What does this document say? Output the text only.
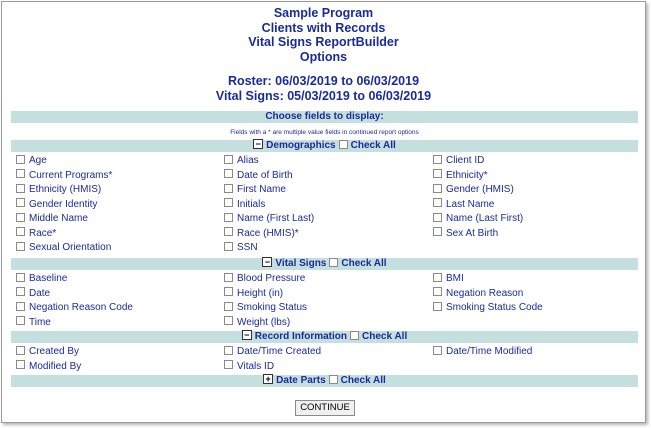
Sample Program
Clients with Records
Vital Signs ReportBuilder
Options
Roster: 06/03/2019 to 06/03/2019
Vital Signs: 05/03/2019 to 06/03/2019
Choose fields to display:
Fields with a * are multiple value fields in continued report options
− Demographics Check All
Age	Alias	Client ID
Current Programs*	Date of Birth	Ethnicity*
Ethnicity (HMIS)	First Name	Gender (HMIS)
Gender Identity	Initials	Last Name
Middle Name	Name (First Last)	Name (Last First)
Race*	Race (HMIS)*	Sex At Birth
Sexual Orientation	SSN
− Vital Signs Check All
Baseline	Blood Pressure	BMI
Date	Height (in)	Negation Reason
Negation Reason Code	Smoking Status	Smoking Status Code
Time	Weight (lbs)
− Record Information Check All
Created By	Date/Time Created	Date/Time Modified
Modified By	Vitals ID
+ Date Parts Check All
CONTINUE
